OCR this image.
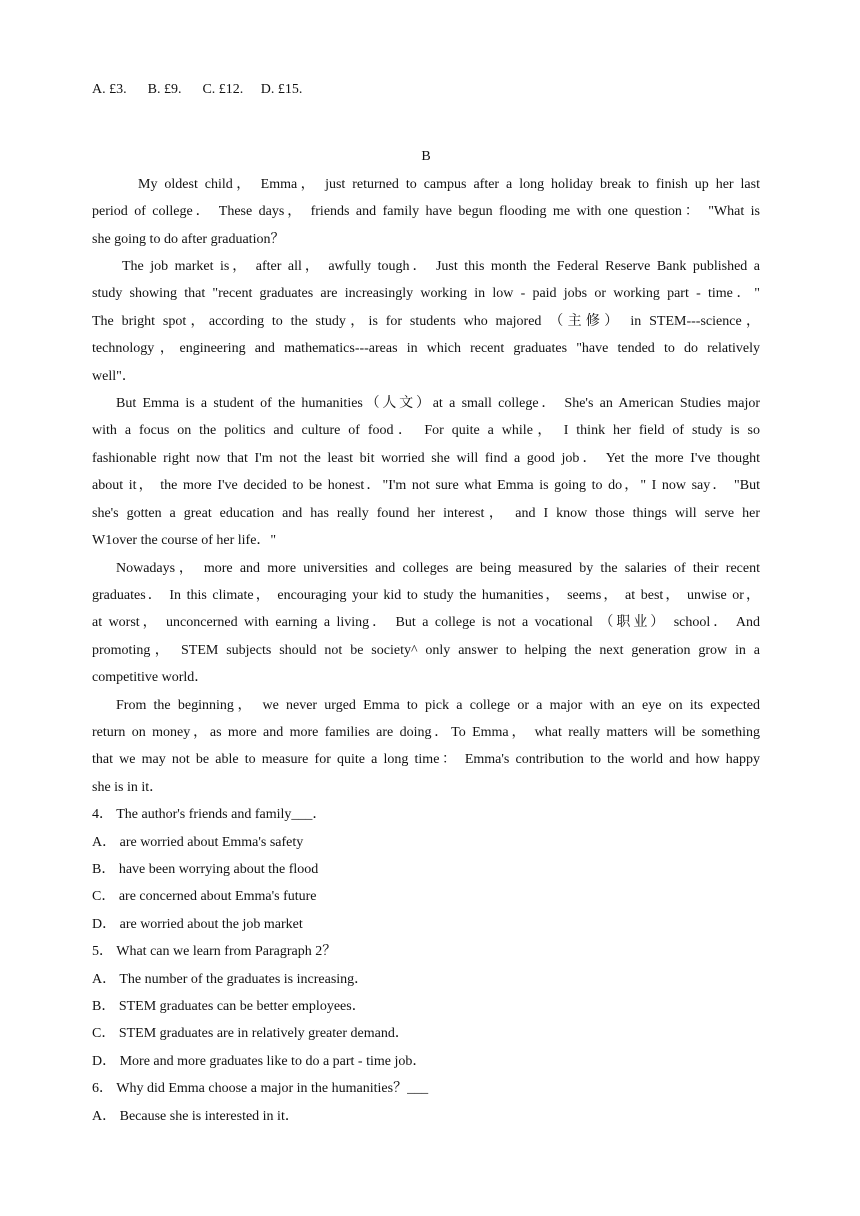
A. £3.      B. £9.      C. £12.     D. £15.
B
My oldest child， Emma， just returned to campus after a long holiday break to finish up her last
period of college． These days， friends and family have begun flooding me with one question： "What is
she going to do after graduation？
The job market is， after all， awfully tough． Just this month the Federal Reserve Bank published a
study showing that "recent graduates are increasingly working in low - paid jobs or working part - time．"
The bright spot，according to the study，is for students who majored （主修） in STEM---science，
technology，engineering and mathematics---areas in which recent graduates "have tended to do relatively
well"．
But Emma is a student of the humanities（人文）at a small college． She's an American Studies major
with a focus on the politics and culture of food． For quite a while， I think her field of study is so
fashionable right now that I'm not the least bit worried she will find a good job． Yet the more I've thought
about it， the more I've decided to be honest．"I'm not sure what Emma is going to do，" I now say． "But
she's gotten a great education and has really found her interest， and I know those things will serve her
W1over the course of her life．"
Nowadays， more and more universities and colleges are being measured by the salaries of their recent
graduates． In this climate， encouraging your kid to study the humanities， seems， at best， unwise or，
at worst， unconcerned with earning a living． But a college is not a vocational （职业） school． And
promoting， STEM subjects should not be society^ only answer to helping the next generation grow in a
competitive world．
From the beginning， we never urged Emma to pick a college or a major with an eye on its expected
return on money，as more and more families are doing．To Emma， what really matters will be something
that we may not be able to measure for quite a long time： Emma's contribution to the world and how happy
she is in it．
4． The author's friends and family___．
A． are worried about Emma's safety
B． have been worrying about the flood
C． are concerned about Emma's future
D． are worried about the job market
5． What can we learn from Paragraph 2？
A． The number of the graduates is increasing．
B． STEM graduates can be better employees．
C． STEM graduates are in relatively greater demand．
D． More and more graduates like to do a part - time job．
6． Why did Emma choose a major in the humanities？___
A． Because she is interested in it．
